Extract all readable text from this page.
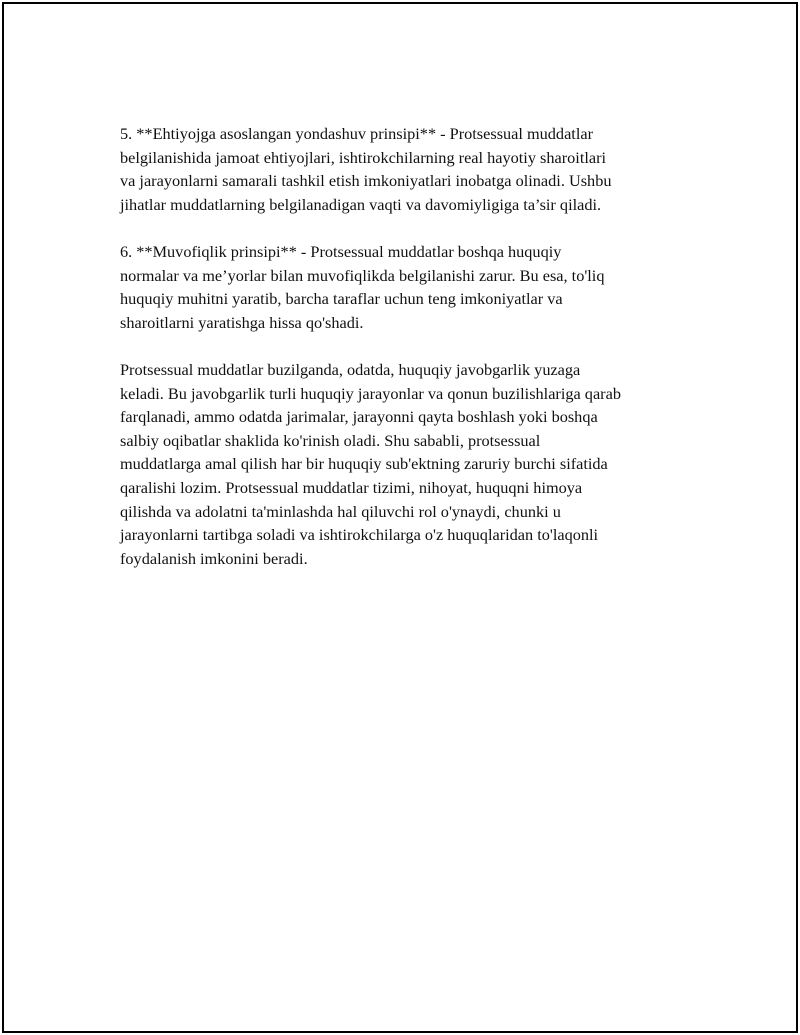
5. **Ehtiyojga asoslangan yondashuv prinsipi** - Protsessual muddatlar
belgilanishida jamoat ehtiyojlari, ishtirokchilarning real hayotiy sharoitlari
va jarayonlarni samarali tashkil etish imkoniyatlari inobatga olinadi. Ushbu
jihatlar muddatlarning belgilanadigan vaqti va davomiyligiga ta’sir qiladi.

6. **Muvofiqlik prinsipi** - Protsessual muddatlar boshqa huquqiy
normalar va me’yorlar bilan muvofiqlikda belgilanishi zarur. Bu esa, to'liq
huquqiy muhitni yaratib, barcha taraflar uchun teng imkoniyatlar va
sharoitlarni yaratishga hissa qo'shadi.

Protsessual muddatlar buzilganda, odatda, huquqiy javobgarlik yuzaga
keladi. Bu javobgarlik turli huquqiy jarayonlar va qonun buzilishlariga qarab
farqlanadi, ammo odatda jarimalar, jarayonni qayta boshlash yoki boshqa
salbiy oqibatlar shaklida ko'rinish oladi. Shu sababli, protsessual
muddatlarga amal qilish har bir huquqiy sub'ektning zaruriy burchi sifatida
qaralishi lozim. Protsessual muddatlar tizimi, nihoyat, huquqni himoya
qilishda va adolatni ta'minlashda hal qiluvchi rol o'ynaydi, chunki u
jarayonlarni tartibga soladi va ishtirokchilarga o'z huquqlaridan to'laqonli
foydalanish imkonini beradi.
